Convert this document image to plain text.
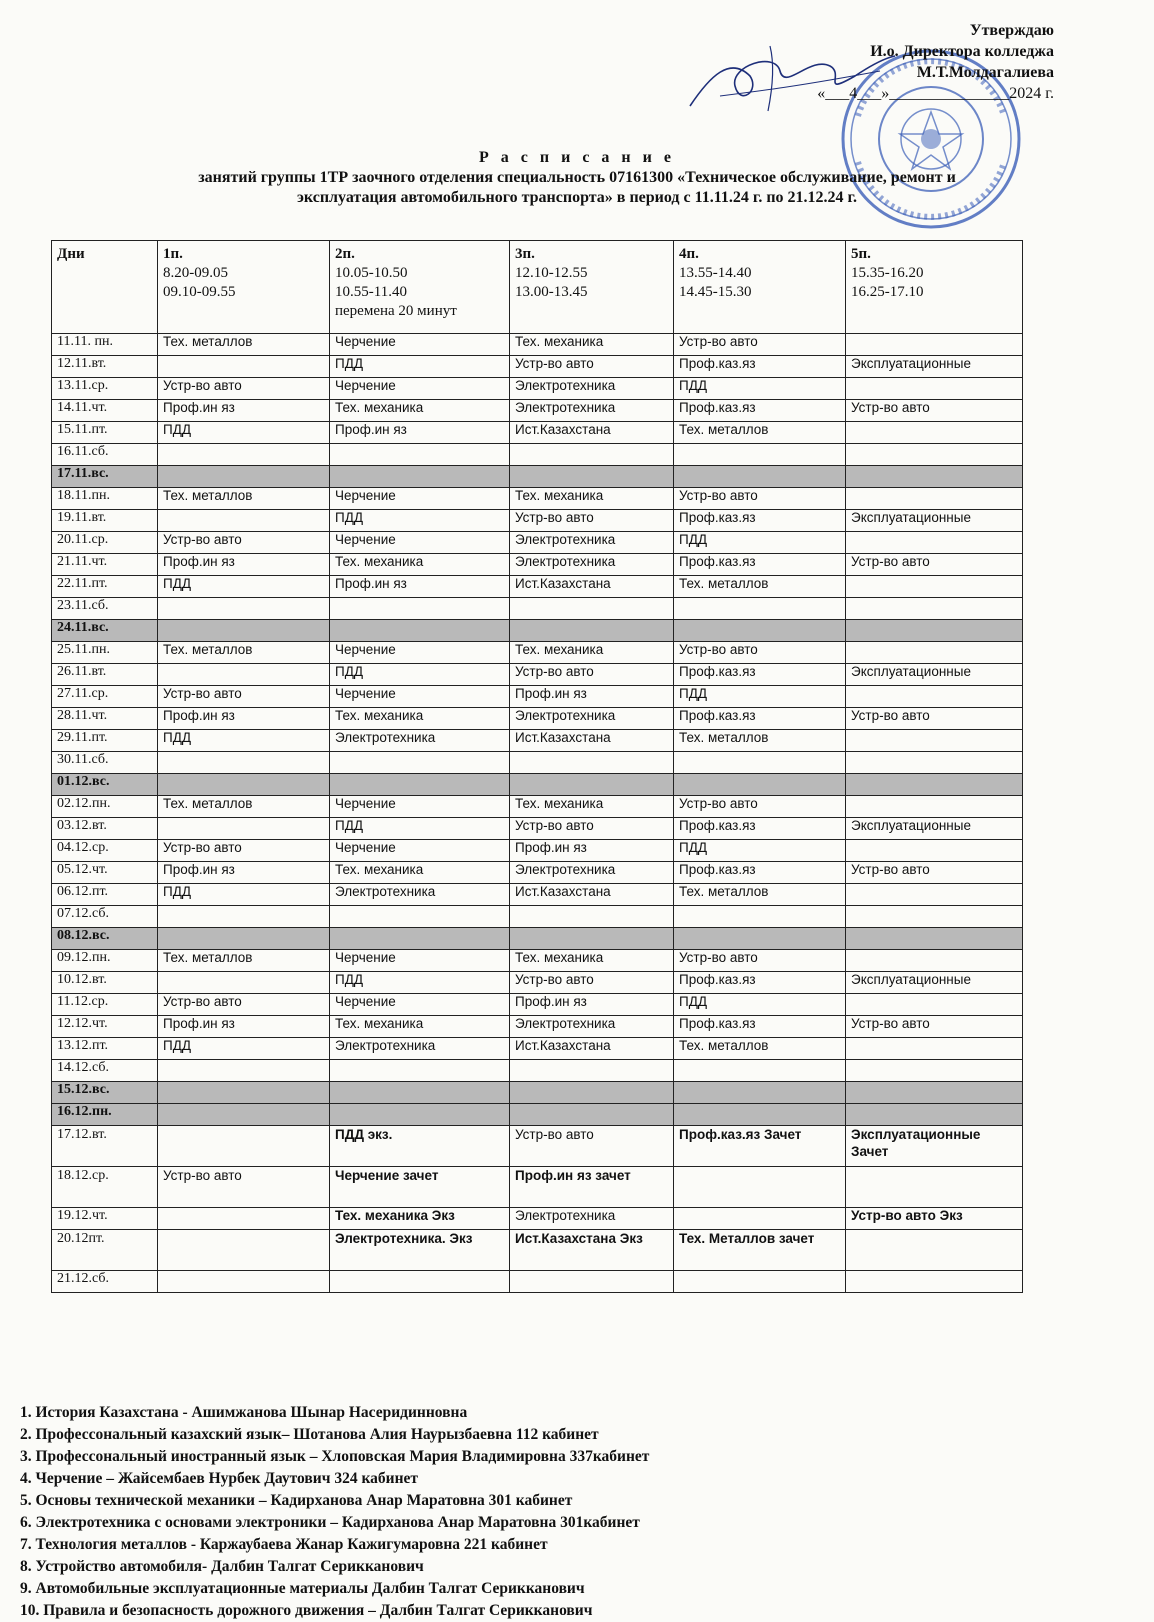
Утверждаю
И.о. Директора колледжа
М.Т.Молдагалиева
«___4___»_______________2024 г.
Р а с п и с а н и е
занятий группы 1ТР заочного отделения специальность 07161300 «Техническое обслуживание, ремонт и
эксплуатация автомобильного транспорта» в период с 11.11.24 г. по 21.12.24 г.
Дни	1п.
8.20-09.05
09.10-09.55	2п.
10.05-10.50
10.55-11.40
перемена 20 минут	3п.
12.10-12.55
13.00-13.45	4п.
13.55-14.40
14.45-15.30	5п.
15.35-16.20
16.25-17.10
11.11. пн.	Тех. металлов	Черчение	Тех. механика	Устр-во авто	
12.11.вт.		ПДД	Устр-во авто	Проф.каз.яз	Эксплуатационные
13.11.ср.	Устр-во авто	Черчение	Электротехника	ПДД	
14.11.чт.	Проф.ин яз	Тех. механика	Электротехника	Проф.каз.яз	Устр-во авто
15.11.пт.	ПДД	Проф.ин яз	Ист.Казахстана	Тех. металлов	
16.11.сб.					
17.11.вс.					
18.11.пн.	Тех. металлов	Черчение	Тех. механика	Устр-во авто	
19.11.вт.		ПДД	Устр-во авто	Проф.каз.яз	Эксплуатационные
20.11.ср.	Устр-во авто	Черчение	Электротехника	ПДД	
21.11.чт.	Проф.ин яз	Тех. механика	Электротехника	Проф.каз.яз	Устр-во авто
22.11.пт.	ПДД	Проф.ин яз	Ист.Казахстана	Тех. металлов	
23.11.сб.					
24.11.вс.					
25.11.пн.	Тех. металлов	Черчение	Тех. механика	Устр-во авто	
26.11.вт.		ПДД	Устр-во авто	Проф.каз.яз	Эксплуатационные
27.11.ср.	Устр-во авто	Черчение	Проф.ин яз	ПДД	
28.11.чт.	Проф.ин яз	Тех. механика	Электротехника	Проф.каз.яз	Устр-во авто
29.11.пт.	ПДД	Электротехника	Ист.Казахстана	Тех. металлов	
30.11.сб.					
01.12.вс.					
02.12.пн.	Тех. металлов	Черчение	Тех. механика	Устр-во авто	
03.12.вт.		ПДД	Устр-во авто	Проф.каз.яз	Эксплуатационные
04.12.ср.	Устр-во авто	Черчение	Проф.ин яз	ПДД	
05.12.чт.	Проф.ин яз	Тех. механика	Электротехника	Проф.каз.яз	Устр-во авто
06.12.пт.	ПДД	Электротехника	Ист.Казахстана	Тех. металлов	
07.12.сб.					
08.12.вс.					
09.12.пн.	Тех. металлов	Черчение	Тех. механика	Устр-во авто	
10.12.вт.		ПДД	Устр-во авто	Проф.каз.яз	Эксплуатационные
11.12.ср.	Устр-во авто	Черчение	Проф.ин яз	ПДД	
12.12.чт.	Проф.ин яз	Тех. механика	Электротехника	Проф.каз.яз	Устр-во авто
13.12.пт.	ПДД	Электротехника	Ист.Казахстана	Тех. металлов	
14.12.сб.					
15.12.вс.					
16.12.пн.					
17.12.вт.		ПДД экз.	Устр-во авто	Проф.каз.яз Зачет	Эксплуатационные Зачет
18.12.ср.	Устр-во авто	Черчение зачет	Проф.ин яз зачет		
19.12.чт.		Тех. механика Экз	Электротехника		Устр-во авто Экз
20.12пт.		Электротехника. Экз	Ист.Казахстана Экз	Тех. Металлов зачет	
21.12.сб.					
1. История Казахстана - Ашимжанова Шынар Насеридинновна
2. Профессональный казахский язык– Шотанова Алия Наурызбаевна 112 кабинет
3. Профессональный иностранный язык – Хлоповская Мария Владимировна 337кабинет
4. Черчение – Жайсембаев Нурбек Даутович 324 кабинет
5. Основы технической механики – Кадирханова Анар Маратовна 301 кабинет
6. Электротехника с основами электроники – Кадирханова Анар Маратовна 301кабинет
7. Технология металлов - Каржаубаева Жанар Кажигумаровна 221 кабинет
8. Устройство автомобиля- Далбин Талгат Серикканович
9. Автомобильные эксплуатационные материалы Далбин Талгат Серикканович
10. Правила и безопасность дорожного движения – Далбин Талгат Серикканович
